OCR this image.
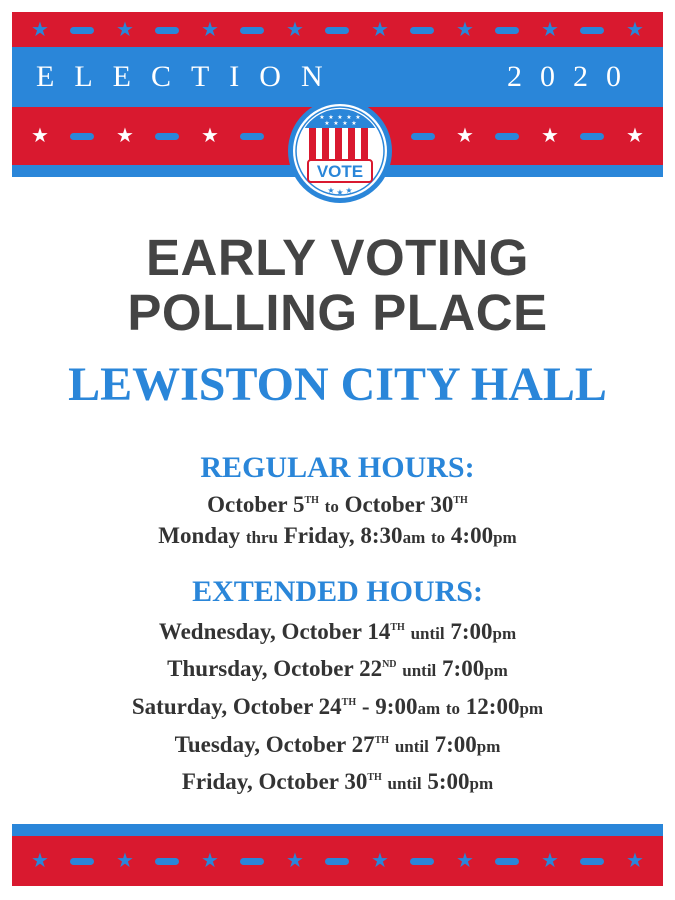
★	★	★	★	★	★	★	★
ELECTION	2020
★	★	★	★	★	★
★ ★ ★ ★ ★
★ ★ ★ ★
VOTE
★ ★ ★
EARLY VOTING
POLLING PLACE
LEWISTON CITY HALL
REGULAR HOURS:
October 5TH to October 30TH
Monday thru Friday, 8:30am to 4:00pm
EXTENDED HOURS:
Wednesday, October 14TH until 7:00pm
Thursday, October 22ND until 7:00pm
Saturday, October 24TH - 9:00am to 12:00pm
Tuesday, October 27TH until 7:00pm
Friday, October 30TH until 5:00pm
★	★	★	★	★	★	★	★
